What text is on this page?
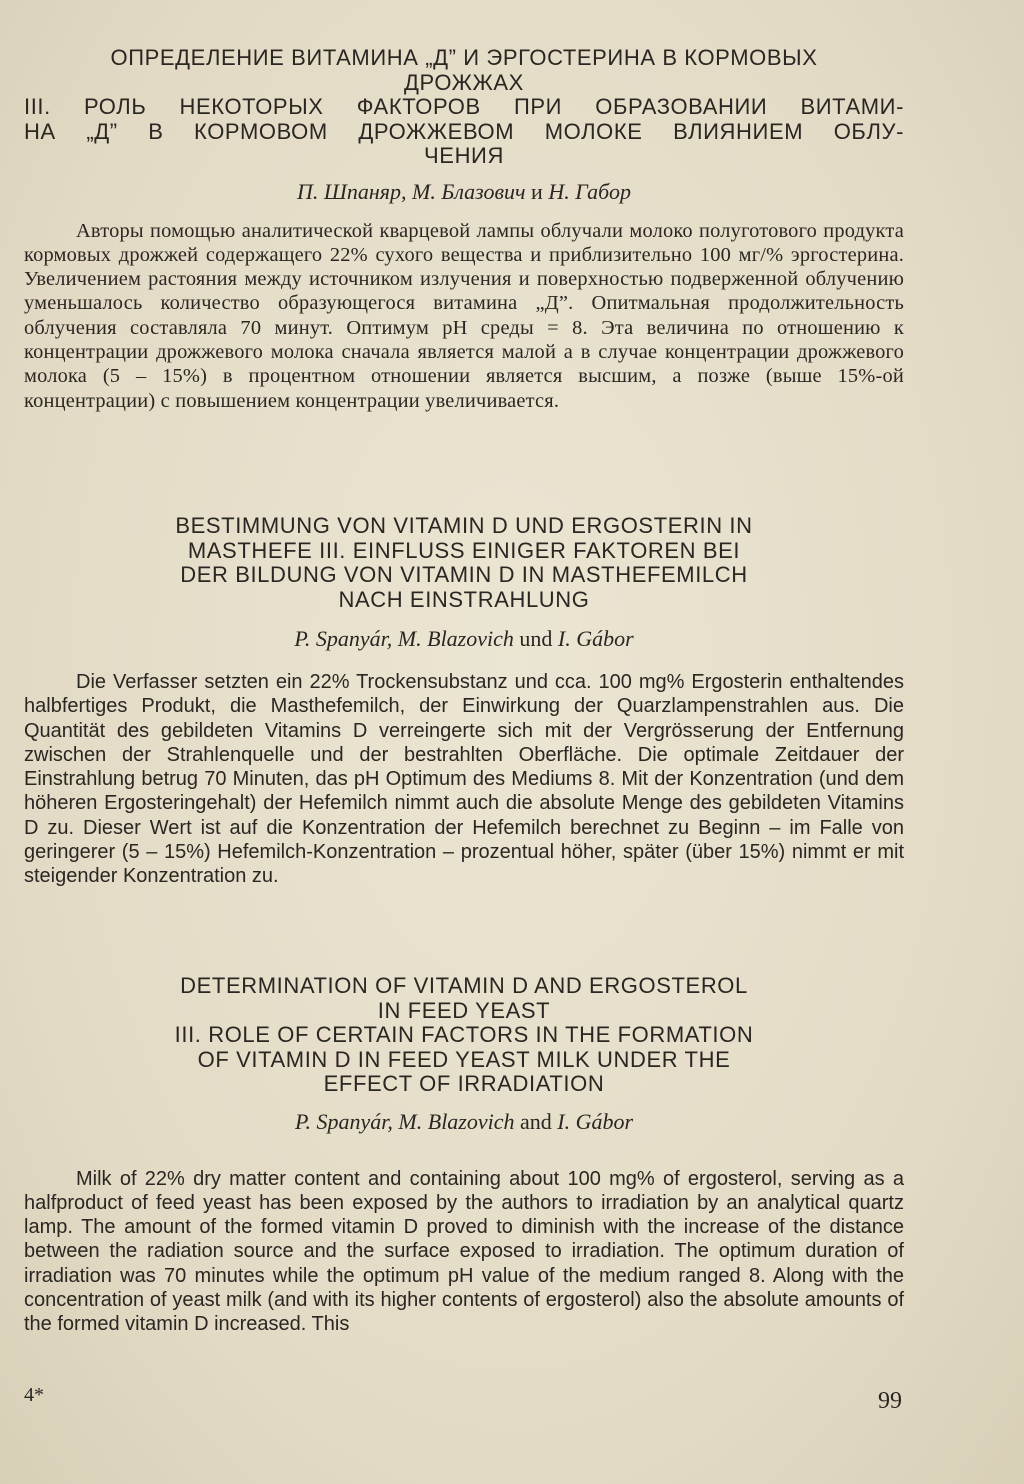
ОПРЕДЕЛЕНИЕ ВИТАМИНА „Д” И ЭРГОСТЕРИНА В КОРМОВЫХ
ДРОЖЖАХ
III. РОЛЬ НЕКОТОРЫХ ФАКТОРОВ ПРИ ОБРАЗОВАНИИ ВИТАМИ-
НА „Д” В КОРМОВОМ ДРОЖЖЕВОМ МОЛОКЕ ВЛИЯНИЕМ ОБЛУ-
ЧЕНИЯ

П. Шпаняр, М. Блазович и Н. Габор

Авторы помощью аналитической кварцевой лампы облучали молоко полуготового продукта кормовых дрожжей содержащего 22% сухого вещества и приблизительно 100 мг/% эргостерина. Увеличением растояния между источником излучения и поверхностью подверженной облучению уменьшалось количество образующегося витамина „Д”. Опитмальная продолжительность облучения составляла 70 минут. Оптимум pH среды = 8. Эта величина по отношению к концентрации дрожжевого молока сначала является малой а в случае концентрации дрожжевого молока (5 – 15%) в процентном отношении является высшим, а позже (выше 15%-ой концентрации) с повышением концентрации увеличивается.

BESTIMMUNG VON VITAMIN D UND ERGOSTERIN IN
MASTHEFE III. EINFLUSS EINIGER FAKTOREN BEI
DER BILDUNG VON VITAMIN D IN MASTHEFEMILCH
NACH EINSTRAHLUNG

P. Spanyár, M. Blazovich und I. Gábor

Die Verfasser setzten ein 22% Trockensubstanz und cca. 100 mg% Ergosterin enthaltendes halbfertiges Produkt, die Masthefemilch, der Einwirkung der Quarzlampenstrahlen aus. Die Quantität des gebildeten Vitamins D verreingerte sich mit der Vergrösserung der Entfernung zwischen der Strahlenquelle und der bestrahlten Oberfläche. Die optimale Zeitdauer der Einstrahlung betrug 70 Minuten, das pH Optimum des Mediums 8. Mit der Konzentration (und dem höheren Ergosteringehalt) der Hefemilch nimmt auch die absolute Menge des gebildeten Vitamins D zu. Dieser Wert ist auf die Konzentration der Hefemilch berechnet zu Beginn – im Falle von geringerer (5 – 15%) Hefemilch-Konzentration – prozentual höher, später (über 15%) nimmt er mit steigender Konzentration zu.

DETERMINATION OF VITAMIN D AND ERGOSTEROL
IN FEED YEAST
III. ROLE OF CERTAIN FACTORS IN THE FORMATION
OF VITAMIN D IN FEED YEAST MILK UNDER THE
EFFECT OF IRRADIATION

P. Spanyár, M. Blazovich and I. Gábor

Milk of 22% dry matter content and containing about 100 mg% of ergosterol, serving as a halfproduct of feed yeast has been exposed by the authors to irradiation by an analytical quartz lamp. The amount of the formed vitamin D proved to diminish with the increase of the distance between the radiation source and the surface exposed to irradiation. The optimum duration of irradiation was 70 minutes while the optimum pH value of the medium ranged 8. Along with the concentration of yeast milk (and with its higher contents of ergosterol) also the absolute amounts of the formed vitamin D increased. This

4*	99
